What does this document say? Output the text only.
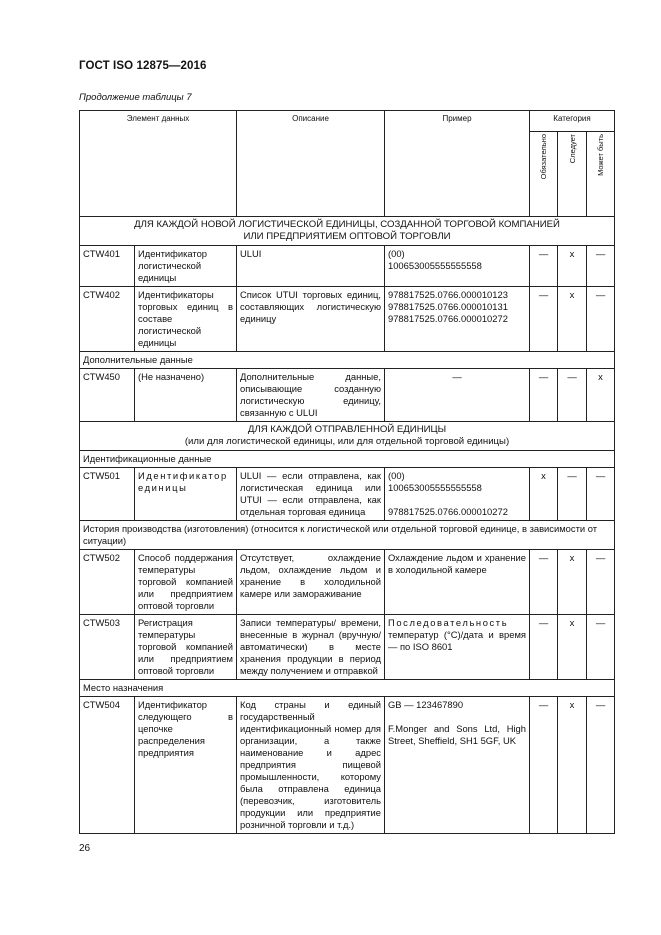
ГОСТ ISO 12875—2016
Продолжение таблицы 7
Элемент данных		Описание	Пример	Категория		

				Обязательно	Следует	Может быть

ДЛЯ КАЖДОЙ НОВОЙ ЛОГИСТИЧЕСКОЙ ЕДИНИЦЫ, СОЗДАННОЙ ТОРГОВОЙ КОМПАНИЕЙ
ИЛИ ПРЕДПРИЯТИЕМ ОПТОВОЙ ТОРГОВЛИ						

CTW401	Идентификатор логистической единицы	ULUI	(00)
100653005555555558	—	x	—
CTW402	Идентификаторы торговых единиц в составе логистической единицы	Список UTUI торговых единиц, составляющих логистическую единицу	978817525.0766.000010123
978817525.0766.000010131
978817525.0766.000010272	—	x	—
Дополнительные данные						
CTW450	(Не назначено)	Дополнительные данные, описывающие созданную логистическую единицу, связанную с ULUI	—	—	—	x

ДЛЯ КАЖДОЙ ОТПРАВЛЕННОЙ ЕДИНИЦЫ
(или для логистической единицы, или для отдельной торговой единицы)						

Идентификационные данные						
CTW501	Идентификатор единицы	ULUI — если отправлена, как логистическая единица или UTUI — если отправлена, как отдельная торговая единица	(00)
100653005555555558
978817525.0766.000010272	x	—	—
История производства (изготовления) (относится к логистической или отдельной торговой единице, в зависимости от ситуации)						
CTW502	Способ поддержания температуры торговой компанией или предприятием оптовой торговли	Отсутствует, охлаждение льдом, охлаждение льдом и хранение в холодильной камере или замораживание	Охлаждение льдом и хранение в холодильной камере	—	x	—
CTW503	Регистрация температуры торговой компанией или предприятием оптовой торговли	Записи температуры/ времени, внесенные в журнал (вручную/ автоматически) в месте хранения продукции в период между получением и отправкой	Последовательность температур (°С)/дата и время — по ISO 8601	—	x	—
Место назначения						
CTW504	Идентификатор следующего в цепочке распределения предприятия	Код страны и единый государственный идентификационный номер для организации, а также наименование и адрес предприятия пищевой промышленности, которому была отправлена единица (перевозчик, изготовитель продукции или предприятие розничной торговли и т.д.)	GB — 123467890
F.Monger and Sons Ltd, High Street, Sheffield, SH1 5GF, UK	—	x	—
26
